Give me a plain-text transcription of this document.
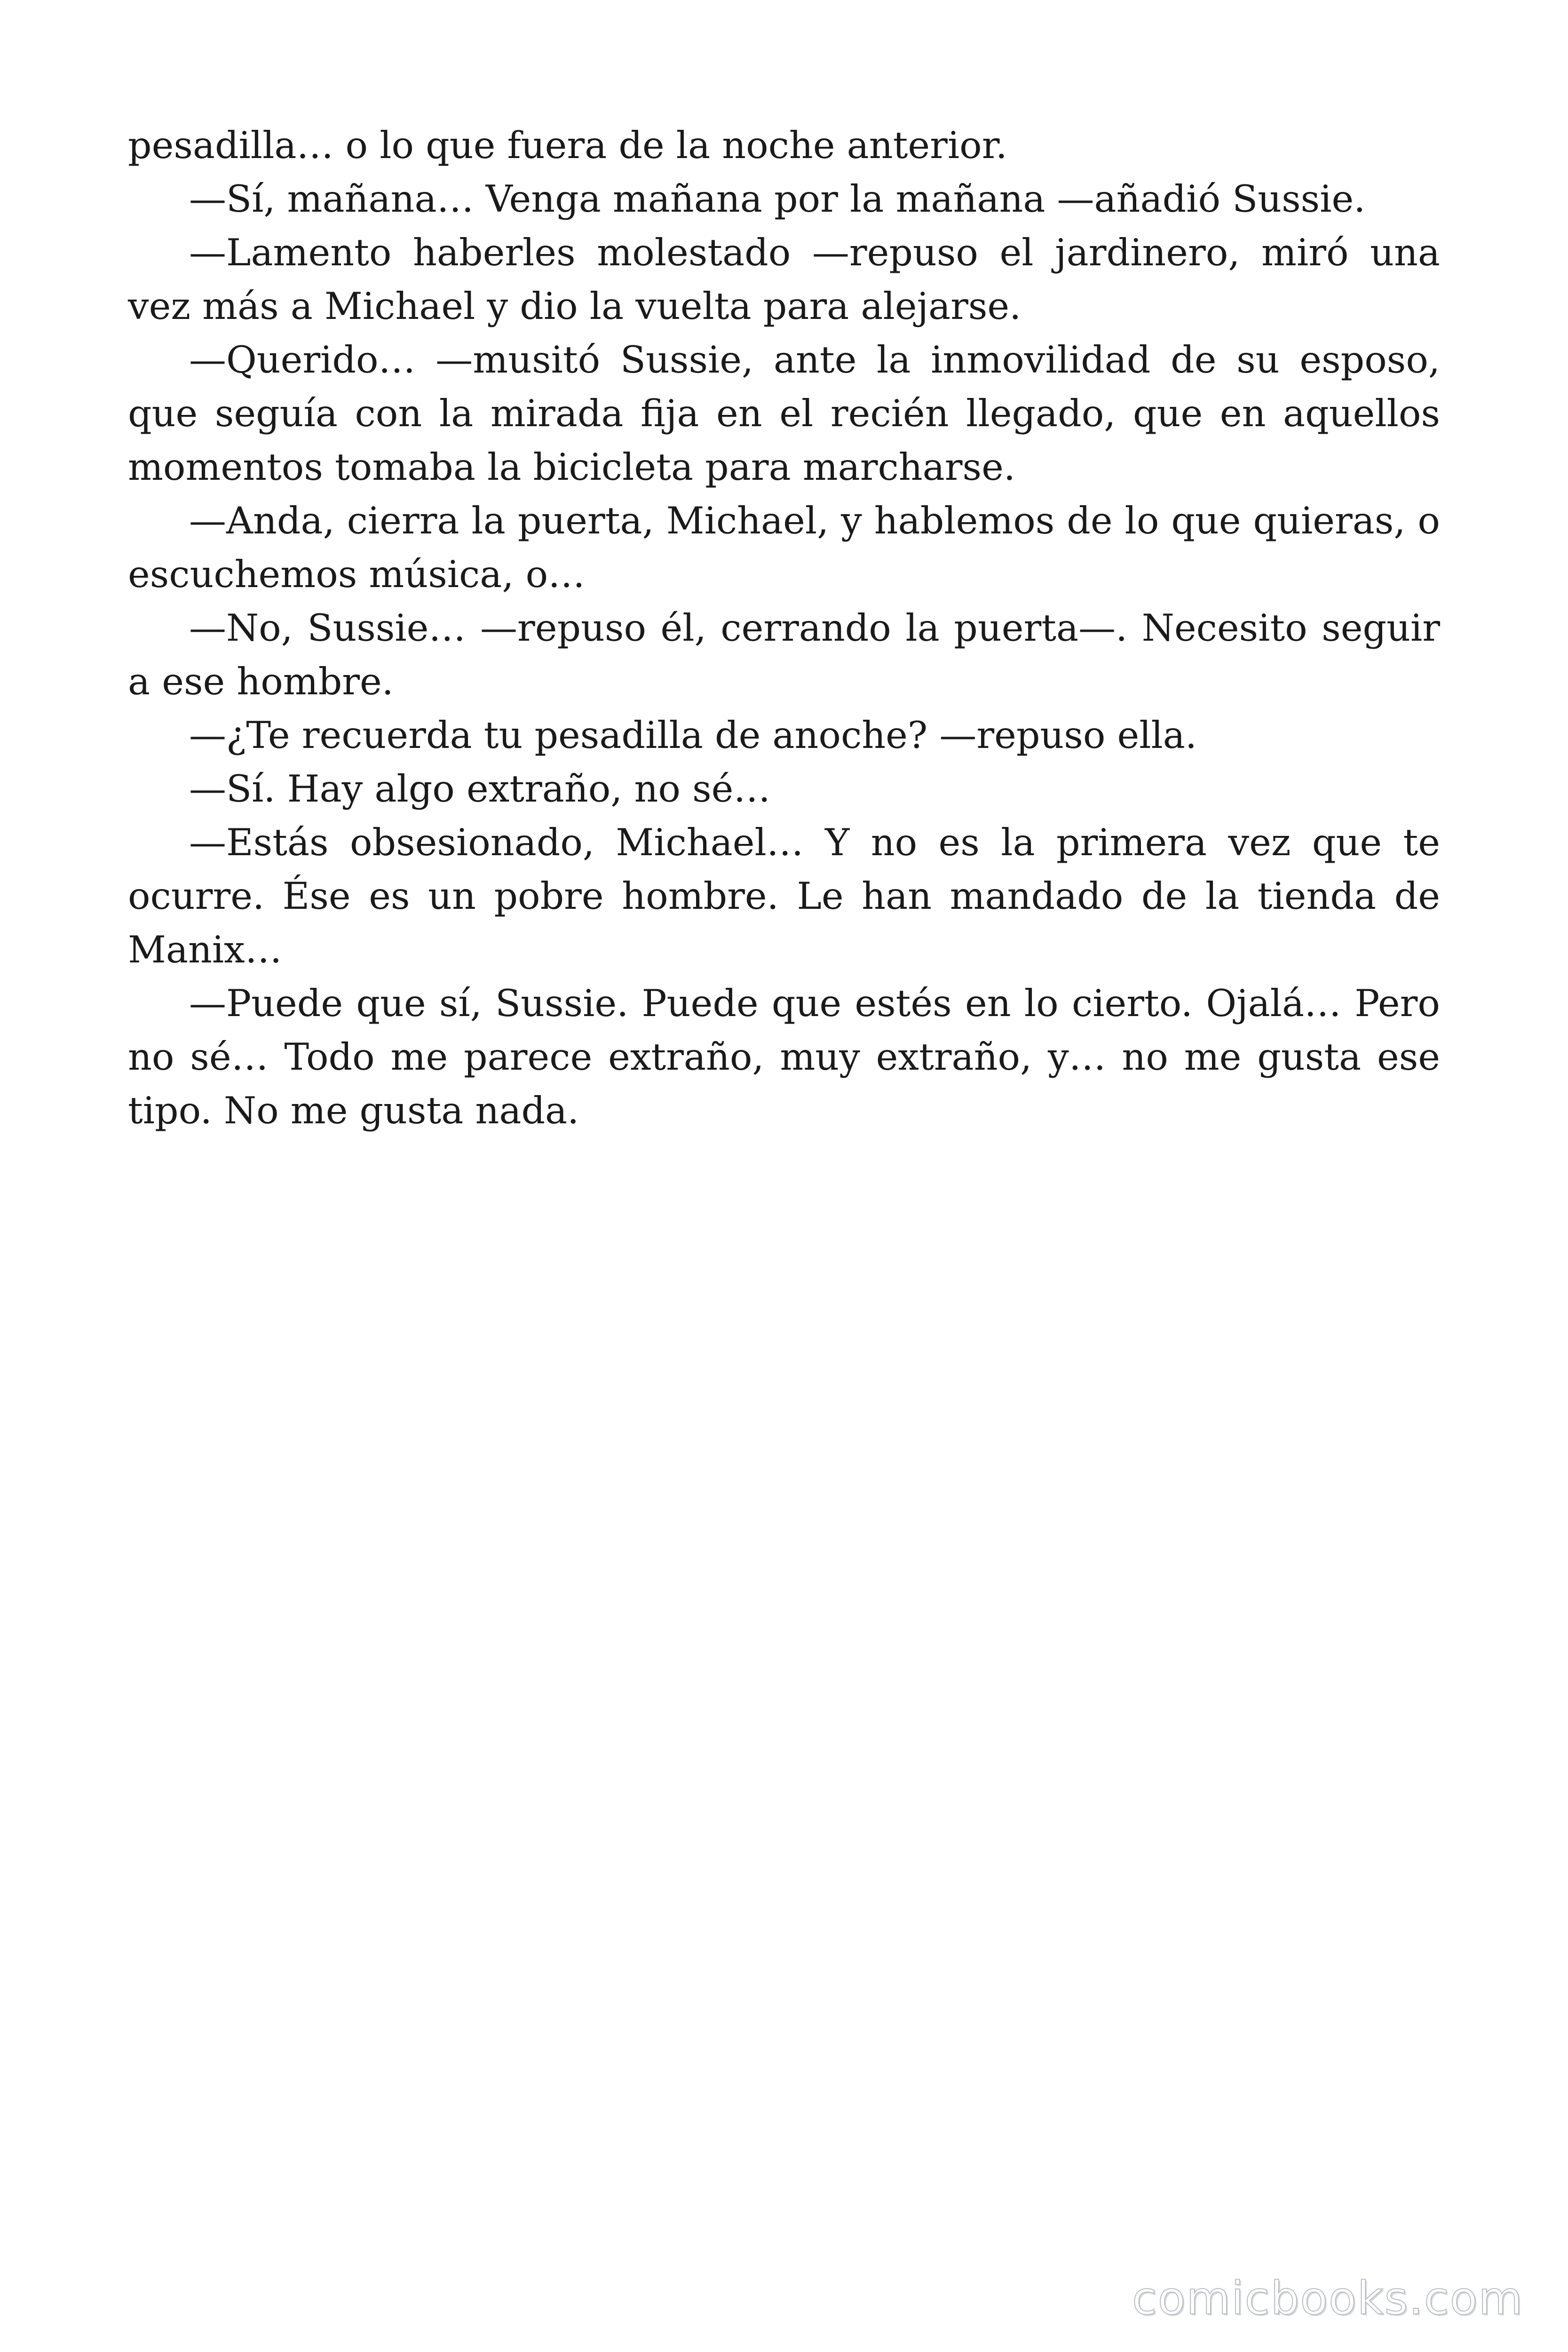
pesadilla… o lo que fuera de la noche anterior.

—Sí, mañana… Venga mañana por la mañana —añadió Sussie.

—Lamento haberles molestado —repuso el jardinero, miró una vez más a Michael y dio la vuelta para alejarse.

—Querido… —musitó Sussie, ante la inmovilidad de su esposo, que seguía con la mirada fija en el recién llegado, que en aquellos momentos tomaba la bicicleta para marcharse.

—Anda, cierra la puerta, Michael, y hablemos de lo que quieras, o escuchemos música, o…

—No, Sussie… —repuso él, cerrando la puerta—. Necesito seguir a ese hombre.

—¿Te recuerda tu pesadilla de anoche? —repuso ella.

—Sí. Hay algo extraño, no sé…

—Estás obsesionado, Michael… Y no es la primera vez que te ocurre. Ése es un pobre hombre. Le han mandado de la tienda de Manix…

—Puede que sí, Sussie. Puede que estés en lo cierto. Ojalá… Pero no sé… Todo me parece extraño, muy extraño, y… no me gusta ese tipo. No me gusta nada.

comicbooks.com
